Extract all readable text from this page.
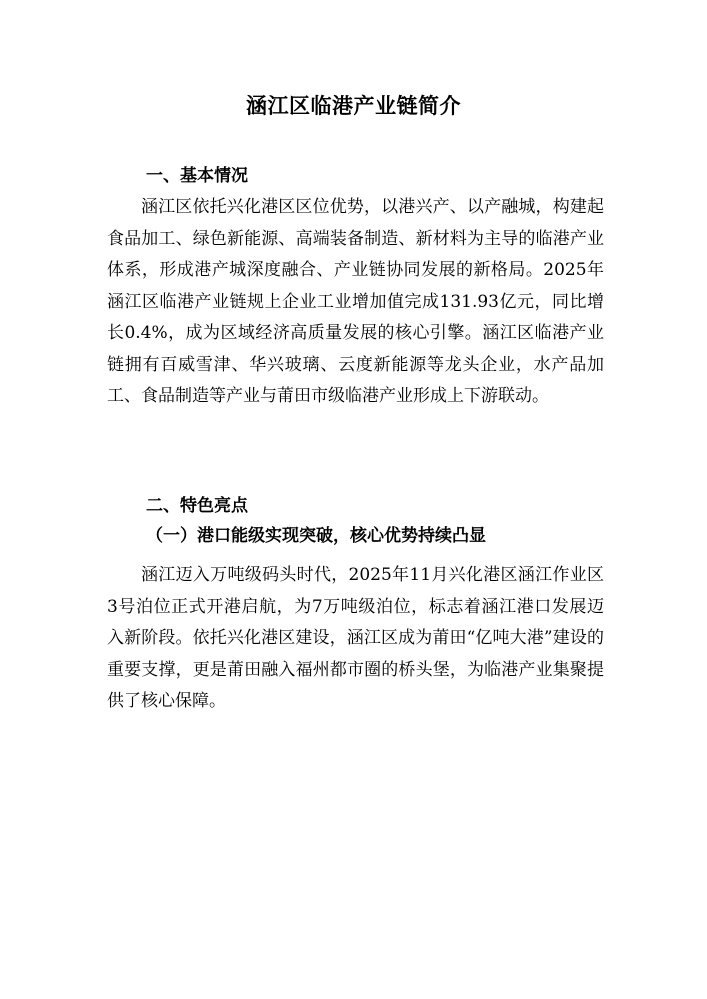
涵江区临港产业链简介
一、基本情况

涵江区依托兴化港区区位优势，以港兴产、以产融城，构建起食品加工、绿色新能源、高端装备制造、新材料为主导的临港产业体系，形成港产城深度融合、产业链协同发展的新格局。2025年涵江区临港产业链规上企业工业增加值完成131.93亿元，同比增长0.4%，成为区域经济高质量发展的核心引擎。涵江区临港产业链拥有百威雪津、华兴玻璃、云度新能源等龙头企业，水产品加工、食品制造等产业与莆田市级临港产业形成上下游联动。

二、特色亮点
（一）港口能级实现突破，核心优势持续凸显

涵江迈入万吨级码头时代，2025年11月兴化港区涵江作业区3号泊位正式开港启航，为7万吨级泊位，标志着涵江港口发展迈入新阶段。依托兴化港区建设，涵江区成为莆田“亿吨大港”建设的重要支撑，更是莆田融入福州都市圈的桥头堡，为临港产业集聚提供了核心保障。
